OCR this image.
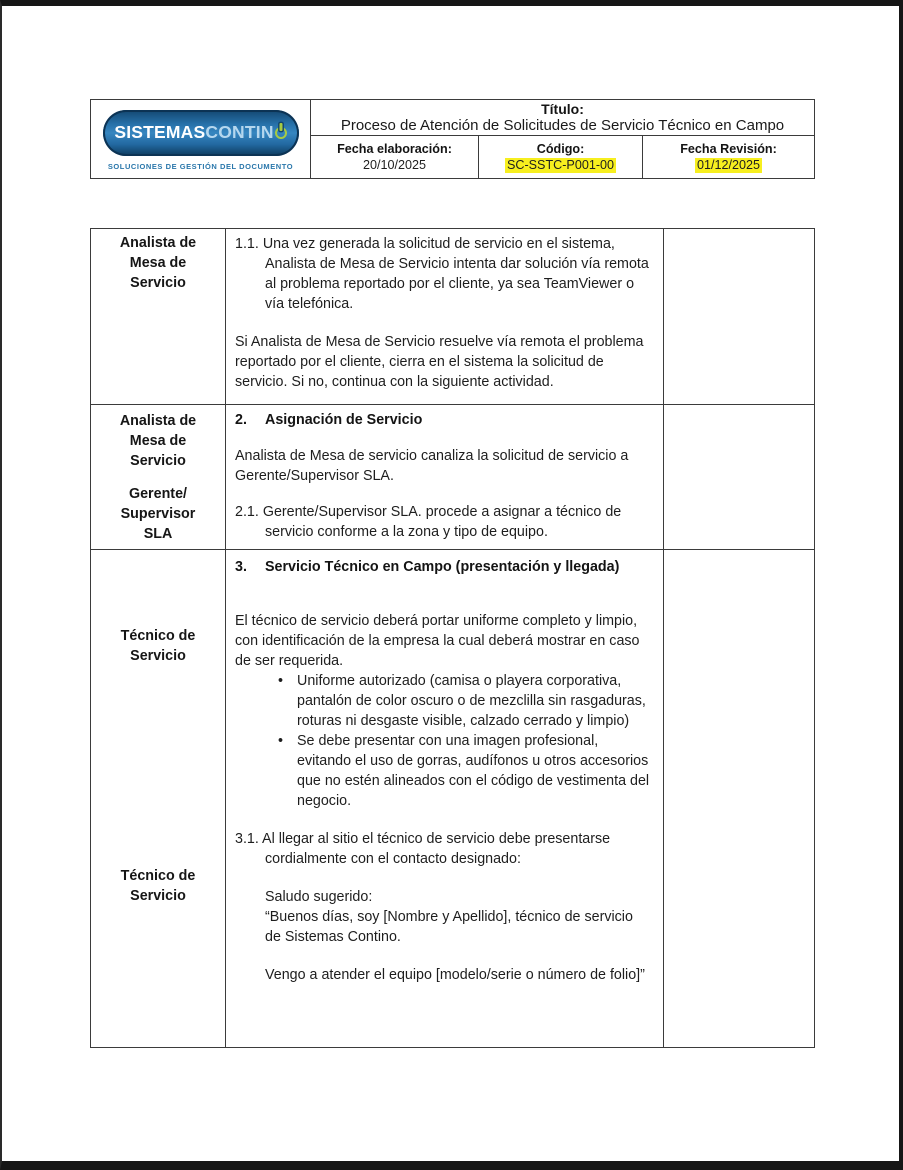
SISTEMASCONTIN
SOLUCIONES DE GESTIÓN DEL DOCUMENTO
Título:
Proceso de Atención de Solicitudes de Servicio Técnico en Campo
Fecha elaboración:
20/10/2025
Código:
SC-SSTC-P001-00
Fecha Revisión:
01/12/2025
Analista de Mesa de Servicio
1.1. Una vez generada la solicitud de servicio en el sistema, Analista de Mesa de Servicio intenta dar solución vía remota al problema reportado por el cliente, ya sea TeamViewer o vía telefónica.
Si Analista de Mesa de Servicio resuelve vía remota el problema reportado por el cliente, cierra en el sistema la solicitud de servicio. Si no, continua con la siguiente actividad.
Analista de Mesa de Servicio
Gerente/ Supervisor SLA
2.	Asignación de Servicio
Analista de Mesa de servicio canaliza la solicitud de servicio a Gerente/Supervisor SLA.
2.1. Gerente/Supervisor SLA. procede a asignar a técnico de servicio conforme a la zona y tipo de equipo.
Técnico de Servicio
Técnico de Servicio
3.	Servicio Técnico en Campo (presentación y llegada)
El técnico de servicio deberá portar uniforme completo y limpio, con identificación de la empresa la cual deberá mostrar en caso de ser requerida.
• Uniforme autorizado (camisa o playera corporativa, pantalón de color oscuro o de mezclilla sin rasgaduras, roturas ni desgaste visible, calzado cerrado y limpio)
• Se debe presentar con una imagen profesional, evitando el uso de gorras, audífonos u otros accesorios que no estén alineados con el código de vestimenta del negocio.
3.1. Al llegar al sitio el técnico de servicio debe presentarse cordialmente con el contacto designado:
Saludo sugerido:
“Buenos días, soy [Nombre y Apellido], técnico de servicio de Sistemas Contino.
Vengo a atender el equipo [modelo/serie o número de folio]”
